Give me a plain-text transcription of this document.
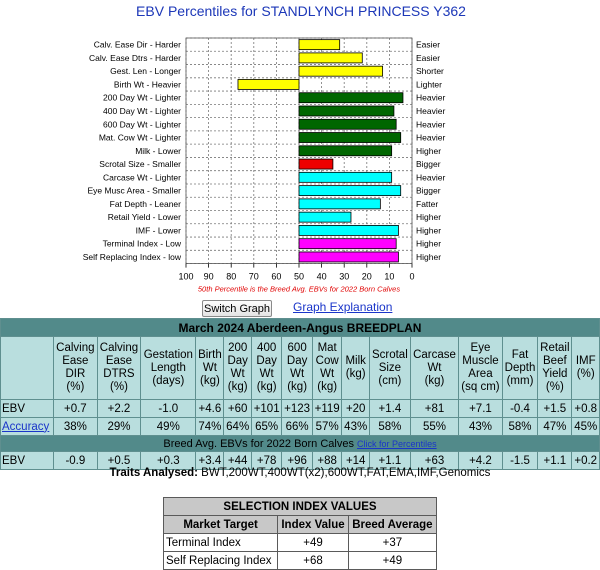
EBV Percentiles for STANDLYNCH PRINCESS Y362
Calv. Ease Dir - Harder	Easier
Calv. Ease Dtrs - Harder	Easier
Gest. Len - Longer	Shorter
Birth Wt - Heavier	Lighter
200 Day Wt - Lighter	Heavier
400 Day Wt - Lighter	Heavier
600 Day Wt - Lighter	Heavier
Mat. Cow Wt - Lighter	Heavier
Milk - Lower	Higher
Scrotal Size - Smaller	Bigger
Carcase Wt - Lighter	Heavier
Eye Musc Area - Smaller	Bigger
Fat Depth - Leaner	Fatter
Retail Yield - Lower	Higher
IMF - Lower	Higher
Terminal Index - Low	Higher
Self Replacing Index - low	Higher
100 90 80 70 60 50 40 30 20 10 0
50th Percentile is the Breed Avg. EBVs for 2022 Born Calves
Switch Graph Graph Explanation
March 2024 Aberdeen-Angus BREEDPLAN															
	Calving
Ease
DIR
(%)	Calving
Ease
DTRS
(%)	Gestation
Length
(days)	Birth
Wt
(kg)	200
Day
Wt
(kg)	400
Day
Wt
(kg)	600
Day
Wt
(kg)	Mat
Cow
Wt
(kg)	Milk
(kg)	Scrotal
Size
(cm)	Carcase
Wt
(kg)	Eye
Muscle
Area
(sq cm)	Fat
Depth
(mm)	Retail
Beef
Yield
(%)	IMF
(%)
EBV	+0.7	+2.2	-1.0	+4.6	+60	+101	+123	+119	+20	+1.4	+81	+7.1	-0.4	+1.5	+0.8
Accuracy	38%	29%	49%	74%	64%	65%	66%	57%	43%	58%	55%	43%	58%	47%	45%
Breed Avg. EBVs for 2022 Born Calves Click for Percentiles															
EBV	-0.9	+0.5	+0.3	+3.4	+44	+78	+96	+88	+14	+1.1	+63	+4.2	-1.5	+1.1	+0.2
Traits Analysed: BWT,200WT,400WT(x2),600WT,FAT,EMA,IMF,Genomics
SELECTION INDEX VALUES		
Market Target	Index Value	Breed Average
Terminal Index	+49	+37
Self Replacing Index	+68	+49
